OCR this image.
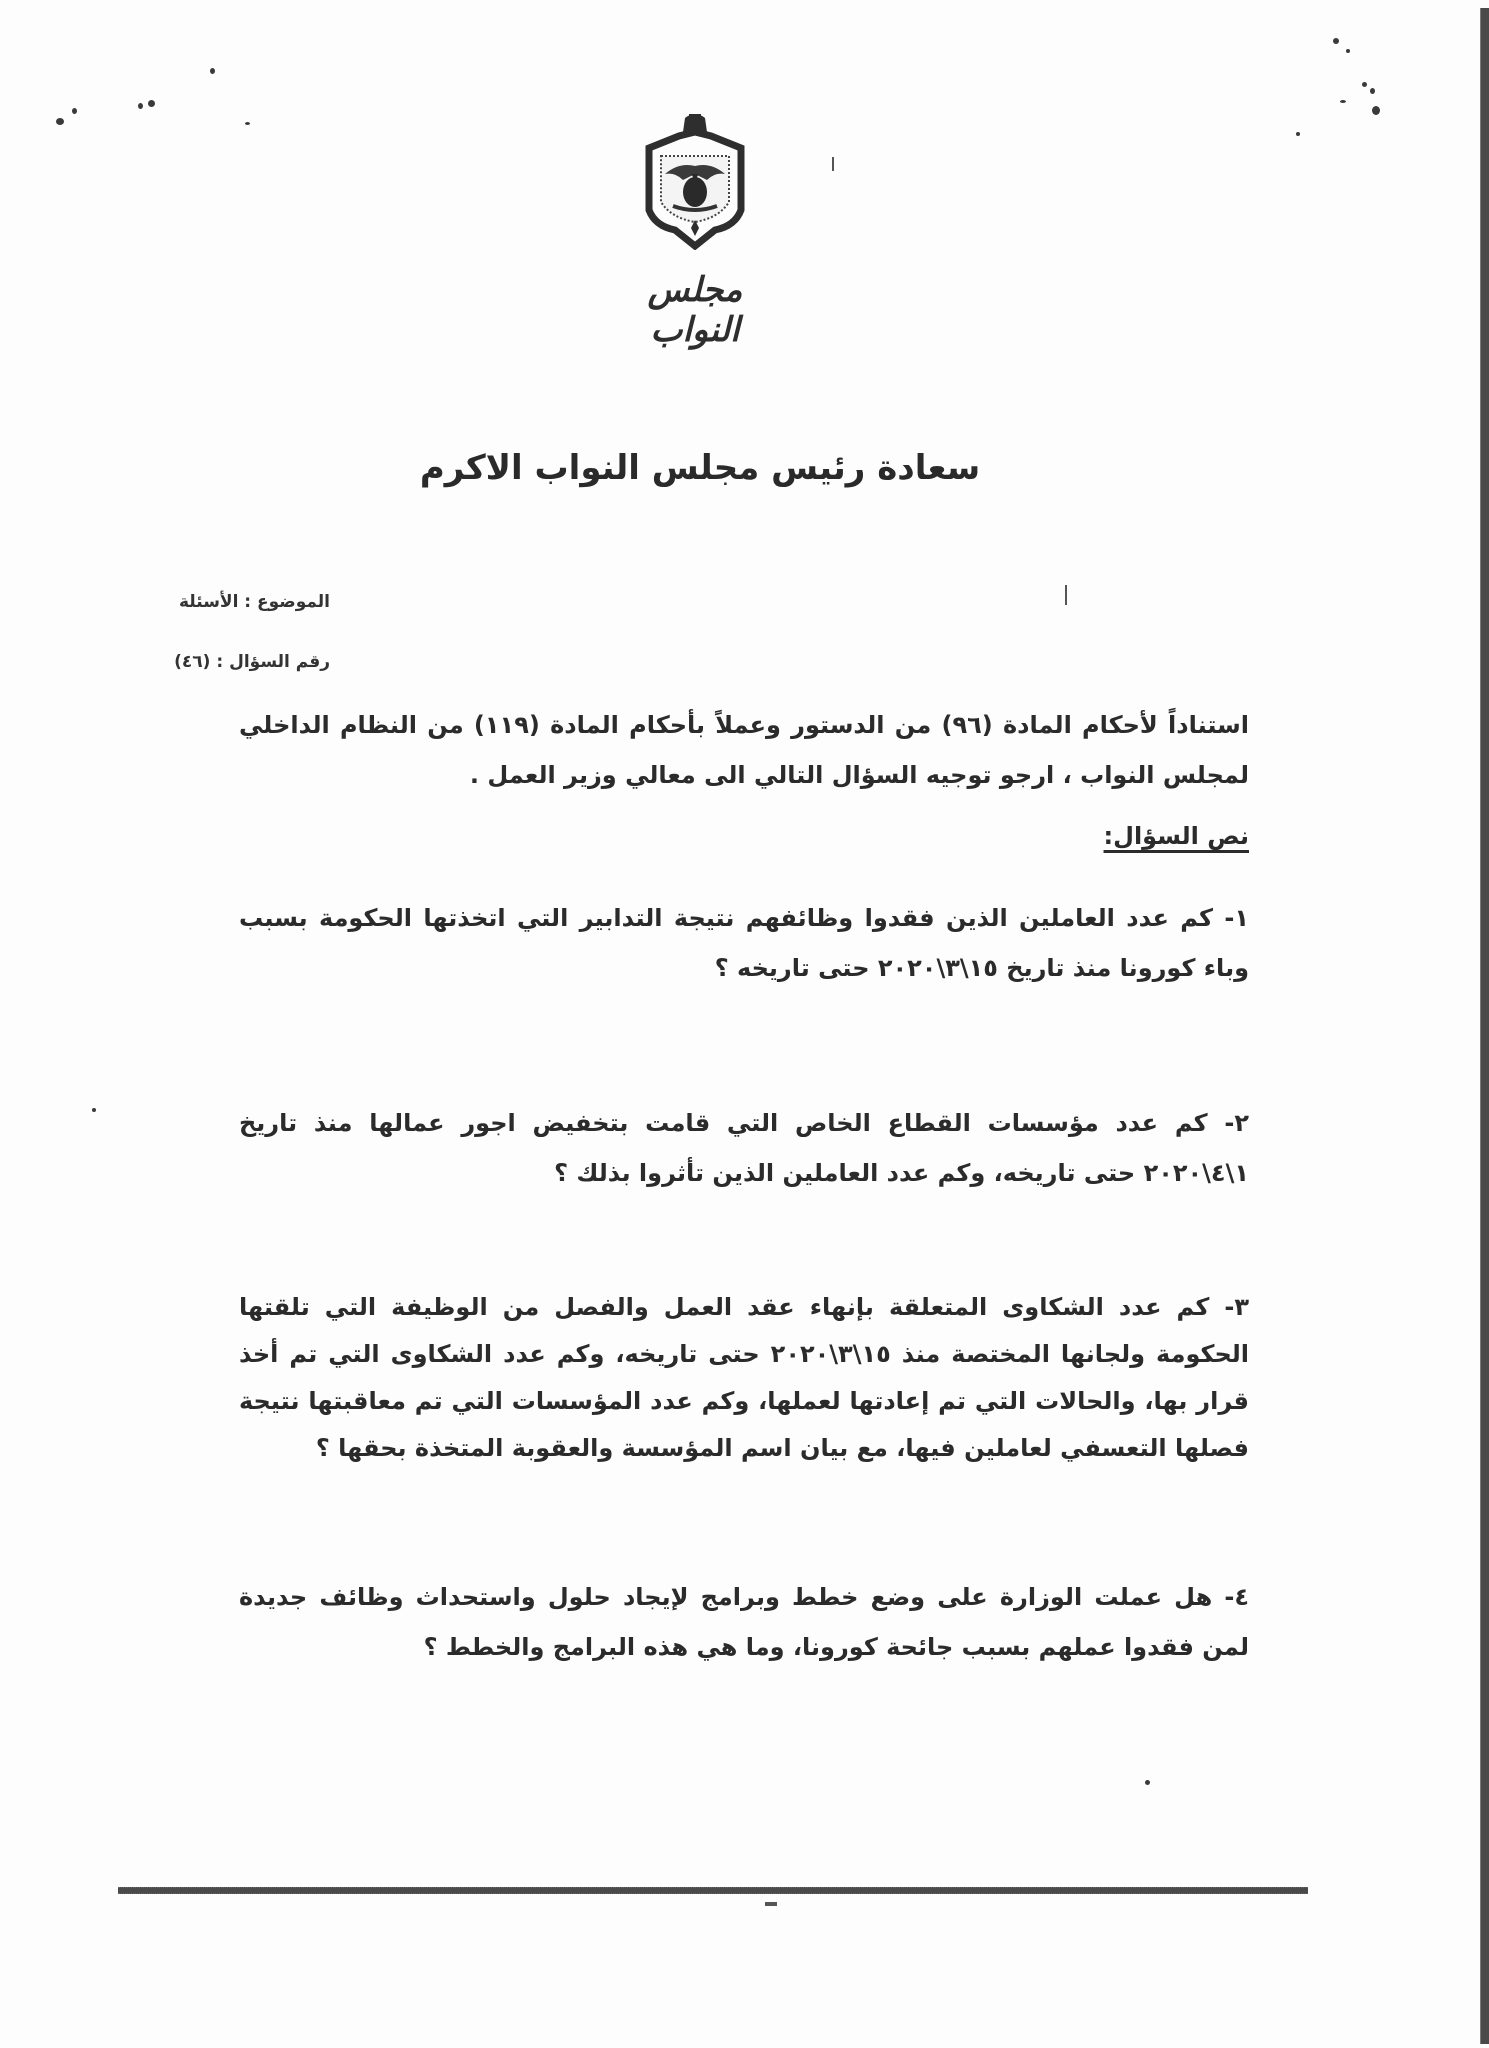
مجلس النواب
سعادة رئيس مجلس النواب الاكرم
الموضوع : الأسئلة
رقم السؤال : (٤٦)
استناداً لأحكام المادة (٩٦) من الدستور وعملاً بأحكام المادة (١١٩) من النظام الداخلي لمجلس النواب ، ارجو توجيه السؤال التالي الى معالي وزير العمل .
نص السؤال:
١- كم عدد العاملين الذين فقدوا وظائفهم نتيجة التدابير التي اتخذتها الحكومة بسبب وباء كورونا منذ تاريخ ١٥\٣\٢٠٢٠ حتى تاريخه ؟
٢- كم عدد مؤسسات القطاع الخاص التي قامت بتخفيض اجور عمالها منذ تاريخ ١\٤\٢٠٢٠ حتى تاريخه، وكم عدد العاملين الذين تأثروا بذلك ؟
٣- كم عدد الشكاوى المتعلقة بإنهاء عقد العمل والفصل من الوظيفة التي تلقتها الحكومة ولجانها المختصة منذ ١٥\٣\٢٠٢٠ حتى تاريخه، وكم عدد الشكاوى التي تم أخذ قرار بها، والحالات التي تم إعادتها لعملها، وكم عدد المؤسسات التي تم معاقبتها نتيجة فصلها التعسفي لعاملين فيها، مع بيان اسم المؤسسة والعقوبة المتخذة بحقها ؟
٤- هل عملت الوزارة على وضع خطط وبرامج لإيجاد حلول واستحداث وظائف جديدة لمن فقدوا عملهم بسبب جائحة كورونا، وما هي هذه البرامج والخطط ؟
